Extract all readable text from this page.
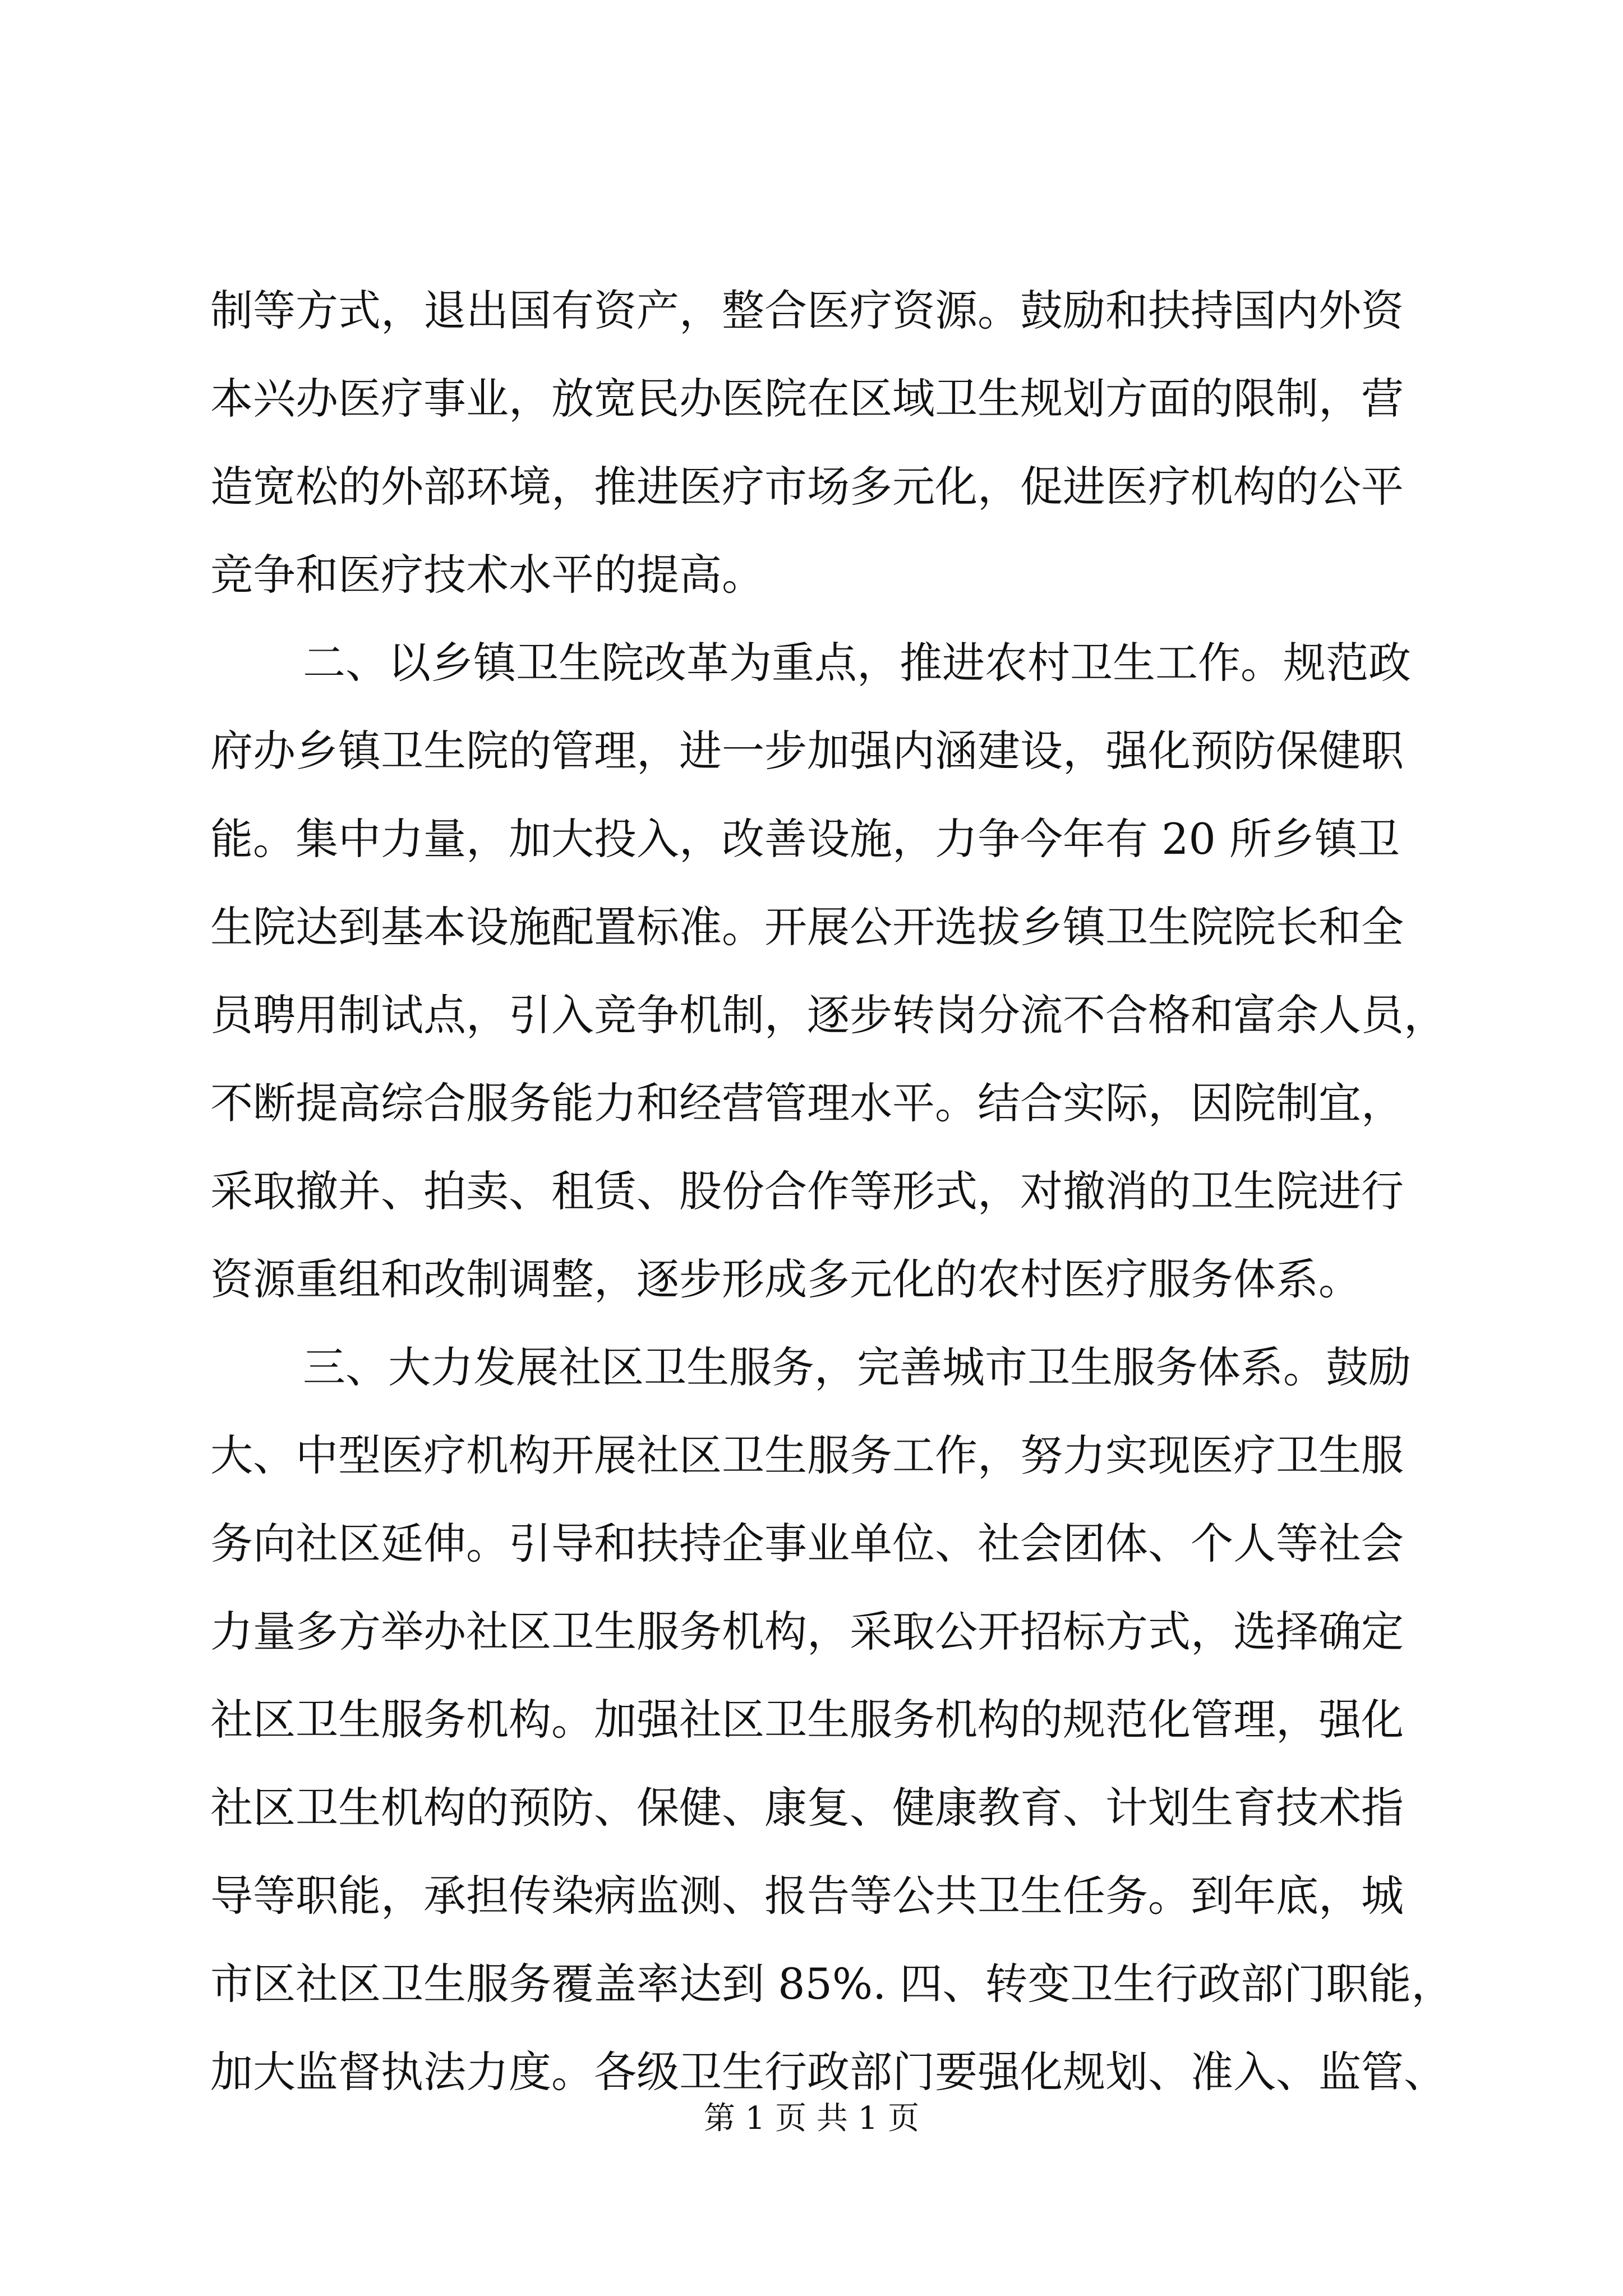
制等方式，退出国有资产，整合医疗资源。鼓励和扶持国内外资
本兴办医疗事业，放宽民办医院在区域卫生规划方面的限制，营
造宽松的外部环境，推进医疗市场多元化，促进医疗机构的公平
竞争和医疗技术水平的提高。
二、以乡镇卫生院改革为重点，推进农村卫生工作。规范政
府办乡镇卫生院的管理，进一步加强内涵建设，强化预防保健职
能。集中力量，加大投入，改善设施，力争今年有 20 所乡镇卫
生院达到基本设施配置标准。开展公开选拔乡镇卫生院院长和全
员聘用制试点，引入竞争机制，逐步转岗分流不合格和富余人员，
不断提高综合服务能力和经营管理水平。结合实际，因院制宜，
采取撤并、拍卖、租赁、股份合作等形式，对撤消的卫生院进行
资源重组和改制调整，逐步形成多元化的农村医疗服务体系。
三、大力发展社区卫生服务，完善城市卫生服务体系。鼓励
大、中型医疗机构开展社区卫生服务工作，努力实现医疗卫生服
务向社区延伸。引导和扶持企事业单位、社会团体、个人等社会
力量多方举办社区卫生服务机构，采取公开招标方式，选择确定
社区卫生服务机构。加强社区卫生服务机构的规范化管理，强化
社区卫生机构的预防、保健、康复、健康教育、计划生育技术指
导等职能，承担传染病监测、报告等公共卫生任务。到年底，城
市区社区卫生服务覆盖率达到 85%. 四、转变卫生行政部门职能，
加大监督执法力度。各级卫生行政部门要强化规划、准入、监管、
第 1 页 共 1 页
